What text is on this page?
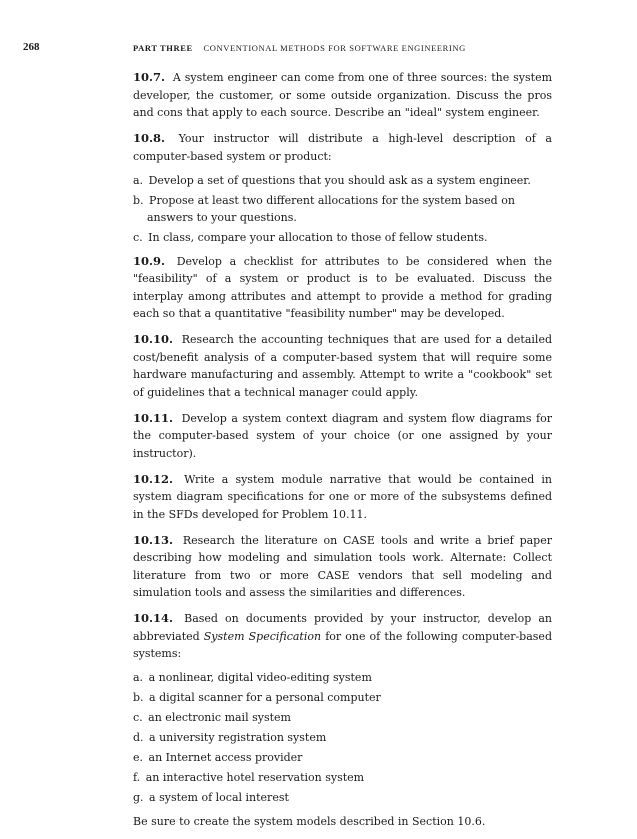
268	PART THREE CONVENTIONAL METHODS FOR SOFTWARE ENGINEERING

10.7. A system engineer can come from one of three sources: the system developer, the customer, or some outside organization. Discuss the pros and cons that apply to each source. Describe an "ideal" system engineer.

10.8. Your instructor will distribute a high-level description of a computer-based system or product:

a. Develop a set of questions that you should ask as a system engineer.
b. Propose at least two different allocations for the system based on answers to your questions.
c. In class, compare your allocation to those of fellow students.

10.9. Develop a checklist for attributes to be considered when the "feasibility" of a system or product is to be evaluated. Discuss the interplay among attributes and attempt to provide a method for grading each so that a quantitative "feasibility number" may be developed.

10.10. Research the accounting techniques that are used for a detailed cost/benefit analysis of a computer-based system that will require some hardware manufacturing and assembly. Attempt to write a "cookbook" set of guidelines that a technical manager could apply.

10.11. Develop a system context diagram and system flow diagrams for the computer-based system of your choice (or one assigned by your instructor).

10.12. Write a system module narrative that would be contained in system diagram specifications for one or more of the subsystems defined in the SFDs developed for Problem 10.11.

10.13. Research the literature on CASE tools and write a brief paper describing how modeling and simulation tools work. Alternate: Collect literature from two or more CASE vendors that sell modeling and simulation tools and assess the similarities and differences.

10.14. Based on documents provided by your instructor, develop an abbreviated System Specification for one of the following computer-based systems:

a. a nonlinear, digital video-editing system
b. a digital scanner for a personal computer
c. an electronic mail system
d. a university registration system
e. an Internet access provider
f. an interactive hotel reservation system
g. a system of local interest

Be sure to create the system models described in Section 10.6.
